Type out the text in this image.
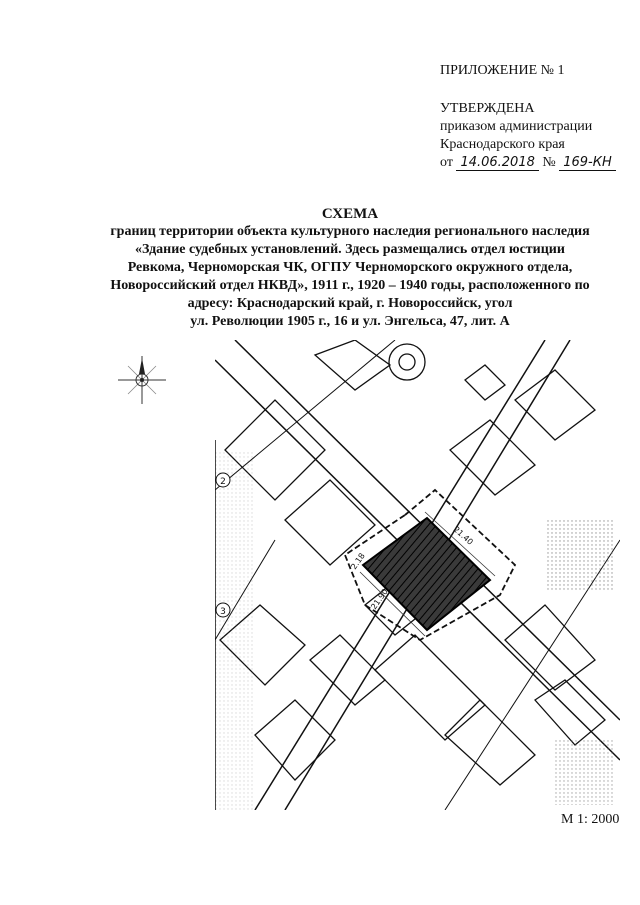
ПРИЛОЖЕНИЕ № 1
УТВЕРЖДЕНА
приказом администрации
Краснодарского края
от 14.06.2018 № 169-КН
СХЕМА
границ территории объекта культурного наследия регионального наследия
«Здание судебных установлений. Здесь размещались отдел юстиции
Ревкома, Черноморская ЧК, ОГПУ Черноморского окружного отдела,
Новороссийский отдел НКВД», 1911 г., 1920 – 1940 годы, расположенного по
адресу: Краснодарский край, г. Новороссийск, угол
ул. Революции 1905 г., 16 и ул. Энгельса, 47, лит. А
21.40
21.90
2.18
2
3
М 1: 2000
